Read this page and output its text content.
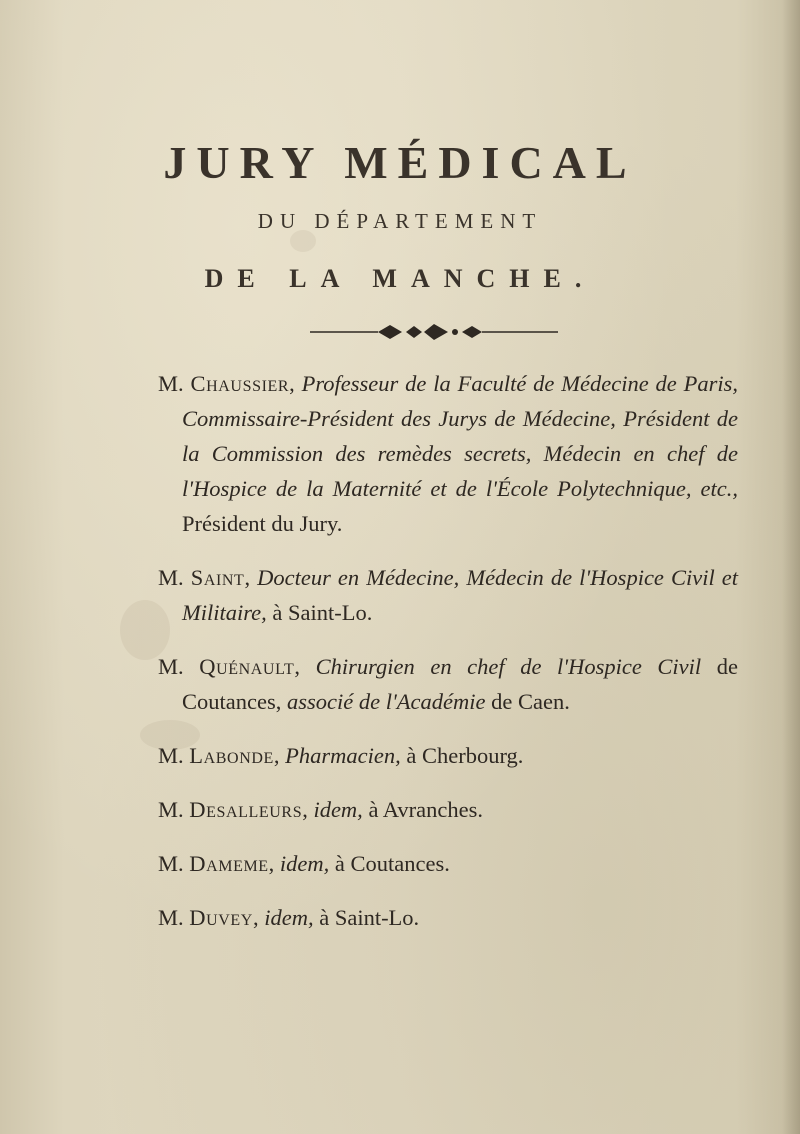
JURY MÉDICAL
DU DÉPARTEMENT
DE LA MANCHE.
M. Chaussier, Professeur de la Faculté de Médecine de Paris, Commissaire-Président des Jurys de Médecine, Président de la Commission des remèdes secrets, Médecin en chef de l'Hospice de la Maternité et de l'École Polytechnique, etc., Président du Jury.
M. Saint, Docteur en Médecine, Médecin de l'Hospice Civil et Militaire, à Saint-Lo.
M. Quénault, Chirurgien en chef de l'Hospice Civil de Coutances, associé de l'Académie de Caen.
M. Labonde, Pharmacien, à Cherbourg.
M. Desalleurs, idem, à Avranches.
M. Dameme, idem, à Coutances.
M. Duvey, idem, à Saint-Lo.
